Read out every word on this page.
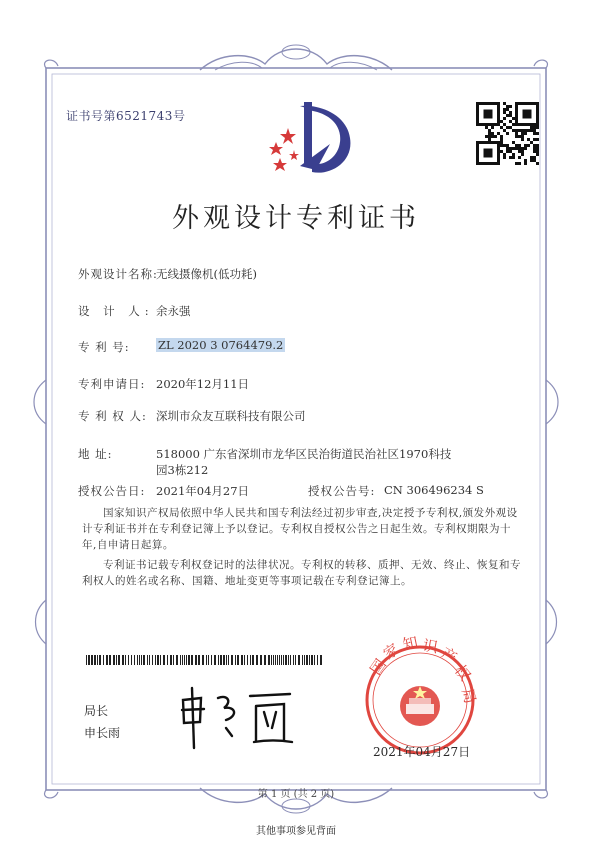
国
家
知 识
产
权
局
证书号第6521743号
外观设计专利证书
外观设计名称:
无线摄像机(低功耗)
设 计 人: 余永强
专 利 号: ZL 2020 3 0764479.2
专利申请日: 2020年12月11日
专 利 权 人: 深圳市众友互联科技有限公司
地 址:	518000 广东省深圳市龙华区民治街道民治社区1970科技
园3栋212
授权公告日: 2021年04月27日	授权公告号: CN 306496234 S

国家知识产权局依照中华人民共和国专利法经过初步审查,决定授予专利权,颁发外观设计专利证书并在专利登记簿上予以登记。专利权自授权公告之日起生效。专利权期限为十年,自申请日起算。

专利证书记载专利权登记时的法律状况。专利权的转移、质押、无效、终止、恢复和专利权人的姓名或名称、国籍、地址变更等事项记载在专利登记簿上。

局长
申长雨
2021年04月27日
第 1 页 (共 2 页)
其他事项参见背面
